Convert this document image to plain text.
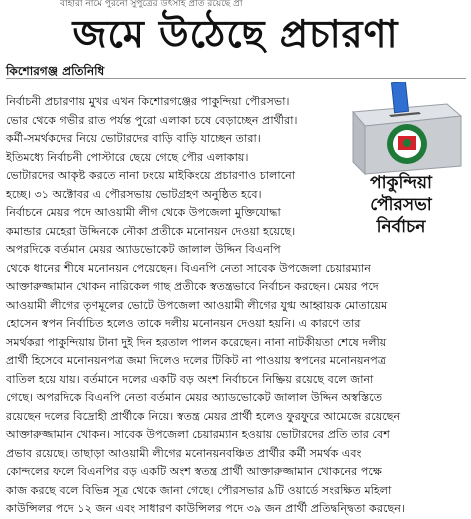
বাহারা নামে পুরনো সুপুত্রের উৎসাহ প্রতি রয়েছে প্রা
জমে উঠেছে প্রচারণা
কিশোরগঞ্জ প্রতিনিধি
পাকুন্দিয়া
পৌরসভা
নির্বাচন
নির্বাচনী প্রচারণায় মুখর এখন কিশোরগঞ্জের পাকুন্দিয়া পৌরসভা।
ভোর থেকে গভীর রাত পর্যন্ত পুরো এলাকা চষে বেড়াচ্ছেন প্রার্থীরা।
কর্মী-সমর্থকদের নিয়ে ভোটারদের বাড়ি বাড়ি যাচ্ছেন তারা।
ইতিমধ্যে নির্বাচনী পোস্টারে ছেয়ে গেছে পৌর এলাকায়।
ভোটারদের আকৃষ্ট করতে নানা ঢংয়ে মাইকিংয়ে প্রচারণাও চালানো
হচ্ছে। ৩১ অক্টোবর এ পৌরসভায় ভোটগ্রহণ অনুষ্ঠিত হবে।
নির্বাচনে মেয়র পদে আওয়ামী লীগ থেকে উপজেলা মুক্তিযোদ্ধা
কমান্ডার মেহেরা উদ্দিনকে নৌকা প্রতীকে মনোনয়ন দেওয়া হয়েছে।
অপরদিকে বর্তমান মেয়র অ্যাডভোকেট জালাল উদ্দিন বিএনপি
থেকে ধানের শীষে মনোনয়ন পেয়েছেন। বিএনপি নেতা সাবেক উপজেলা চেয়ারম্যান
আক্তারুজ্জামান খোকন নারিকেল গাছ প্রতীকে স্বতন্ত্রভাবে নির্বাচন করছেন। মেয়র পদে
আওয়ামী লীগের তৃণমূলের ভোটে উপজেলা আওয়ামী লীগের যুগ্ম আহ্বায়ক মোতায়েম
হোসেন স্বপন নির্বাচিত হলেও তাকে দলীয় মনোনয়ন দেওয়া হয়নি। এ কারণে তার
সমর্থকরা পাকুন্দিয়ায় টানা দুই দিন হরতাল পালন করেছেন। নানা নাটকীয়তা শেষে দলীয়
প্রার্থী হিসেবে মনোনয়নপত্র জমা দিলেও দলের টিকিট না পাওয়ায় স্বপনের মনোনয়নপত্র
বাতিল হয়ে যায়। বর্তমানে দলের একটি বড় অংশ নির্বাচনে নিষ্ক্রিয় রয়েছে বলে জানা
গেছে। অপরদিকে বিএনপি নেতা বর্তমান মেয়র অ্যাডভোকেট জালাল উদ্দিন অস্বস্তিতে
রয়েছেন দলের বিদ্রোহী প্রার্থীকে নিয়ে। স্বতন্ত্র মেয়র প্রার্থী হলেও ফুরফুরে আমেজে রয়েছেন
আক্তারুজ্জামান খোকন। সাবেক উপজেলা চেয়ারম্যান হওয়ায় ভোটারদের প্রতি তার বেশ
প্রভাব রয়েছে। তাছাড়া আওয়ামী লীগের মনোনয়নবঞ্চিত প্রার্থীর কর্মী সমর্থক এবং
কোন্দলের ফলে বিএনপির বড় একটি অংশ স্বতন্ত্র প্রার্থী আক্তারুজ্জামান খোকনের পক্ষে
কাজ করছে বলে বিভিন্ন সূত্র থেকে জানা গেছে। পৌরসভার ৯টি ওয়ার্ডে সংরক্ষিত মহিলা
কাউন্সিলর পদে ১২ জন এবং সাধারণ কাউন্সিলর পদে ৩৯ জন প্রার্থী প্রতিদ্বন্দ্বিতা করছেন।
